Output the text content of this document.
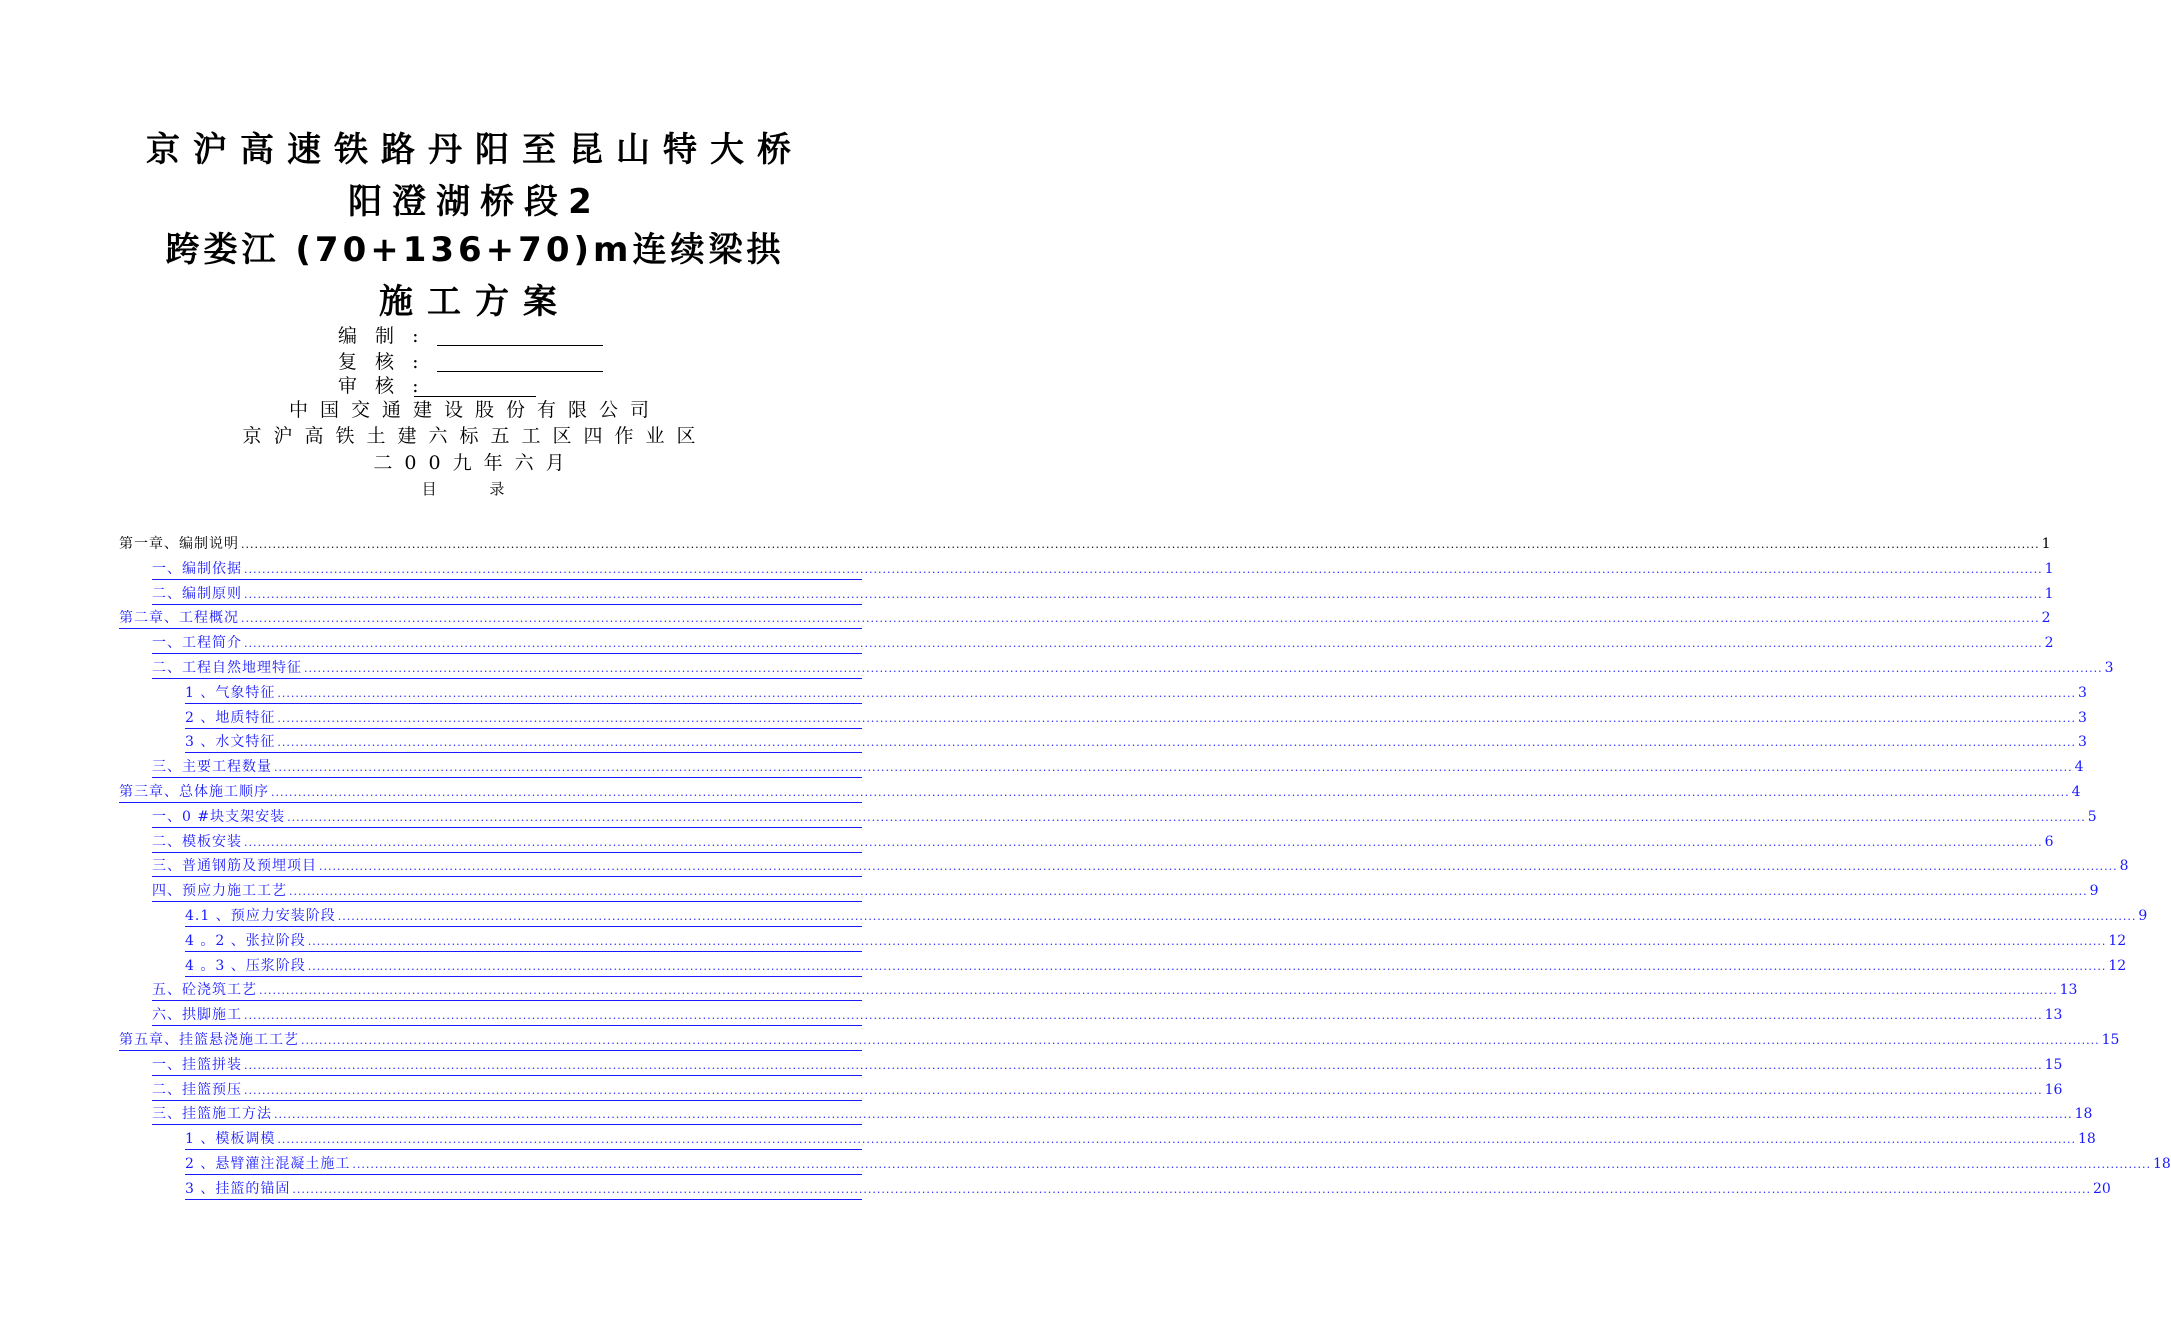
京沪高速铁路丹阳至昆山特大桥
阳澄湖桥段2
跨娄江 (70+136+70)m连续梁拱
施工方案
编 制 :
复 核 :
审 核 :
中国交通建设股份有限公司
京沪高铁土建六标五工区四作业区
二00九年六月
目 录
第一章、编制说明 ................................................................................................................................................................................................................................................................................................................................................................................................................ 1
一、编制依据 ................................................................................................................................................................................................................................................................................................................................................................................................................ 1
二、编制原则 ................................................................................................................................................................................................................................................................................................................................................................................................................ 1
第二章、工程概况 ................................................................................................................................................................................................................................................................................................................................................................................................................ 2
一、工程简介 ................................................................................................................................................................................................................................................................................................................................................................................................................ 2
二、工程自然地理特征 ................................................................................................................................................................................................................................................................................................................................................................................................................ 3
1 、气象特征 ................................................................................................................................................................................................................................................................................................................................................................................................................ 3
2 、地质特征 ................................................................................................................................................................................................................................................................................................................................................................................................................ 3
3 、水文特征 ................................................................................................................................................................................................................................................................................................................................................................................................................ 3
三、主要工程数量 ................................................................................................................................................................................................................................................................................................................................................................................................................ 4
第三章、总体施工顺序 ................................................................................................................................................................................................................................................................................................................................................................................................................ 4
一、0 #块支架安装 ................................................................................................................................................................................................................................................................................................................................................................................................................ 5
二、模板安装 ................................................................................................................................................................................................................................................................................................................................................................................................................ 6
三、普通钢筋及预埋项目 ................................................................................................................................................................................................................................................................................................................................................................................................................ 8
四、预应力施工工艺 ................................................................................................................................................................................................................................................................................................................................................................................................................ 9
4.1 、预应力安装阶段 ................................................................................................................................................................................................................................................................................................................................................................................................................ 9
4 。2 、张拉阶段 ................................................................................................................................................................................................................................................................................................................................................................................................................ 12
4 。3 、压浆阶段 ................................................................................................................................................................................................................................................................................................................................................................................................................ 12
五、砼浇筑工艺 ................................................................................................................................................................................................................................................................................................................................................................................................................ 13
六、拱脚施工 ................................................................................................................................................................................................................................................................................................................................................................................................................ 13
第五章、挂篮悬浇施工工艺 ................................................................................................................................................................................................................................................................................................................................................................................................................ 15
一、挂篮拼装 ................................................................................................................................................................................................................................................................................................................................................................................................................ 15
二、挂篮预压 ................................................................................................................................................................................................................................................................................................................................................................................................................ 16
三、挂篮施工方法 ................................................................................................................................................................................................................................................................................................................................................................................................................ 18
1 、模板调模 ................................................................................................................................................................................................................................................................................................................................................................................................................ 18
2 、悬臂灌注混凝土施工 ................................................................................................................................................................................................................................................................................................................................................................................................................ 18
3 、挂篮的锚固 ................................................................................................................................................................................................................................................................................................................................................................................................................ 20
